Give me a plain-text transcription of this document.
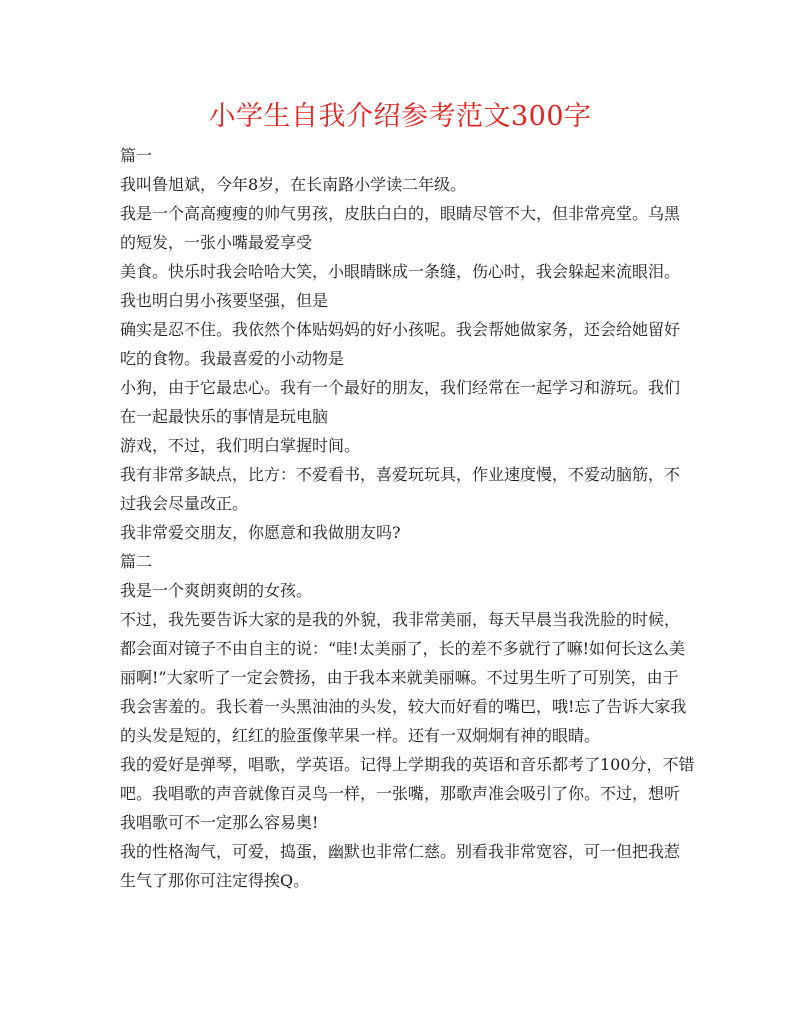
小学生自我介绍参考范文300字
篇一
我叫鲁旭斌，今年8岁，在长南路小学读二年级。
我是一个高高瘦瘦的帅气男孩，皮肤白白的，眼睛尽管不大，但非常亮堂。乌黑
的短发，一张小嘴最爱享受
美食。快乐时我会哈哈大笑，小眼睛眯成一条缝，伤心时，我会躲起来流眼泪。
我也明白男小孩要坚强，但是
确实是忍不住。我依然个体贴妈妈的好小孩呢。我会帮她做家务，还会给她留好
吃的食物。我最喜爱的小动物是
小狗，由于它最忠心。我有一个最好的朋友，我们经常在一起学习和游玩。我们
在一起最快乐的事情是玩电脑
游戏，不过，我们明白掌握时间。
我有非常多缺点，比方：不爱看书，喜爱玩玩具，作业速度慢，不爱动脑筋，不
过我会尽量改正。
我非常爱交朋友，你愿意和我做朋友吗?
篇二
我是一个爽朗爽朗的女孩。
不过，我先要告诉大家的是我的外貌，我非常美丽，每天早晨当我洗脸的时候，
都会面对镜子不由自主的说：“哇!太美丽了，长的差不多就行了嘛!如何长这么美
丽啊!”大家听了一定会赞扬，由于我本来就美丽嘛。不过男生听了可别笑，由于
我会害羞的。我长着一头黑油油的头发，较大而好看的嘴巴，哦!忘了告诉大家我
的头发是短的，红红的脸蛋像苹果一样。还有一双炯炯有神的眼睛。
我的爱好是弹琴，唱歌，学英语。记得上学期我的英语和音乐都考了100分，不错
吧。我唱歌的声音就像百灵鸟一样，一张嘴，那歌声准会吸引了你。不过，想听
我唱歌可不一定那么容易奥!
我的性格淘气，可爱，捣蛋，幽默也非常仁慈。别看我非常宽容，可一但把我惹
生气了那你可注定得挨Q。
